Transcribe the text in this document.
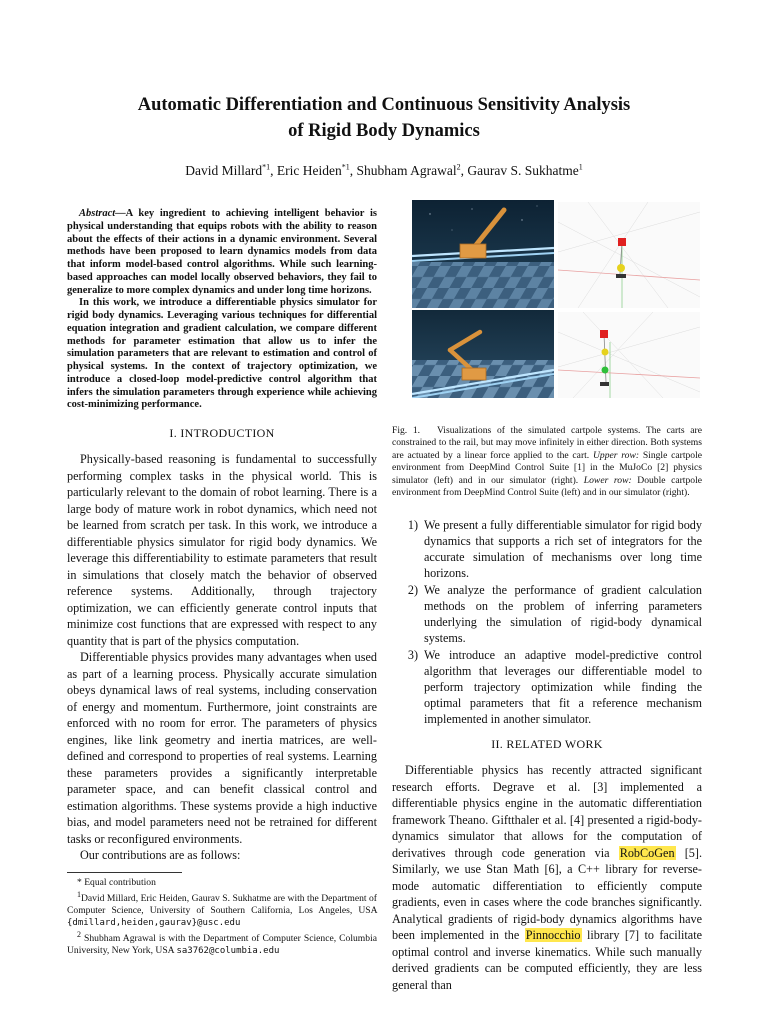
Automatic Differentiation and Continuous Sensitivity Analysis
of Rigid Body Dynamics
David Millard$^{*1}$, Eric Heiden$^{*1}$, Shubham Agrawal$^2$, Gaurav S. Sukhatme$^1$

Abstract—A key ingredient to achieving intelligent behavior is physical understanding that equips robots with the ability to reason about the effects of their actions in a dynamic environment. Several methods have been proposed to learn dynamics models from data that inform model-based control algorithms. While such learning-based approaches can model locally observed behaviors, they fail to generalize to more complex dynamics and under long time horizons.

In this work, we introduce a differentiable physics simulator for rigid body dynamics. Leveraging various techniques for differential equation integration and gradient calculation, we compare different methods for parameter estimation that allow us to infer the simulation parameters that are relevant to estimation and control of physical systems. In the context of trajectory optimization, we introduce a closed-loop model-predictive control algorithm that infers the simulation parameters through experience while achieving cost-minimizing performance.

I. INTRODUCTION

Physically-based reasoning is fundamental to successfully performing complex tasks in the physical world. This is particularly relevant to the domain of robot learning. There is a large body of mature work in robot dynamics, which need not be learned from scratch per task. In this work, we introduce a differentiable physics simulator for rigid body dynamics. We leverage this differentiability to estimate parameters that result in simulations that closely match the behavior of observed reference systems. Additionally, through trajectory optimization, we can efficiently generate control inputs that minimize cost functions that are expressed with respect to any quantity that is part of the physics computation.

Differentiable physics provides many advantages when used as part of a learning process. Physically accurate simulation obeys dynamical laws of real systems, including conservation of energy and momentum. Furthermore, joint constraints are enforced with no room for error. The parameters of physics engines, like link geometry and inertia matrices, are well-defined and correspond to properties of real systems. Learning these parameters provides a significantly interpretable parameter space, and can benefit classical control and estimation algorithms. These systems provide a high inductive bias, and model parameters need not be retrained for different tasks or reconfigured environments.

Our contributions are as follows:

* Equal contribution

$^1$David Millard, Eric Heiden, Gaurav S. Sukhatme are with the Department of Computer Science, University of Southern California, Los Angeles, USA {dmillard,heiden,gaurav}@usc.edu

$^2$ Shubham Agrawal is with the Department of Computer Science, Columbia University, New York, USA sa3762@columbia.edu

Fig. 1. Visualizations of the simulated cartpole systems. The carts are constrained to the rail, but may move infinitely in either direction. Both systems are actuated by a linear force applied to the cart. Upper row: Single cartpole environment from DeepMind Control Suite [1] in the MuJoCo [2] physics simulator (left) and in our simulator (right). Lower row: Double cartpole environment from DeepMind Control Suite (left) and in our simulator (right).
1) We present a fully differentiable simulator for rigid body dynamics that supports a rich set of integrators for the accurate simulation of mechanisms over long time horizons.
2) We analyze the performance of gradient calculation methods on the problem of inferring parameters underlying the simulation of rigid-body dynamical systems.
3) We introduce an adaptive model-predictive control algorithm that leverages our differentiable model to perform trajectory optimization while finding the optimal parameters that fit a reference mechanism implemented in another simulator.
II. RELATED WORK

Differentiable physics has recently attracted significant research efforts. Degrave et al. [3] implemented a differentiable physics engine in the automatic differentiation framework Theano. Giftthaler et al. [4] presented a rigid-body-dynamics simulator that allows for the computation of derivatives through code generation via RobCoGen [5]. Similarly, we use Stan Math [6], a C++ library for reverse-mode automatic differentiation to efficiently compute gradients, even in cases where the code branches significantly. Analytical gradients of rigid-body dynamics algorithms have been implemented in the Pinnocchio library [7] to facilitate optimal control and inverse kinematics. While such manually derived gradients can be computed efficiently, they are less general than
